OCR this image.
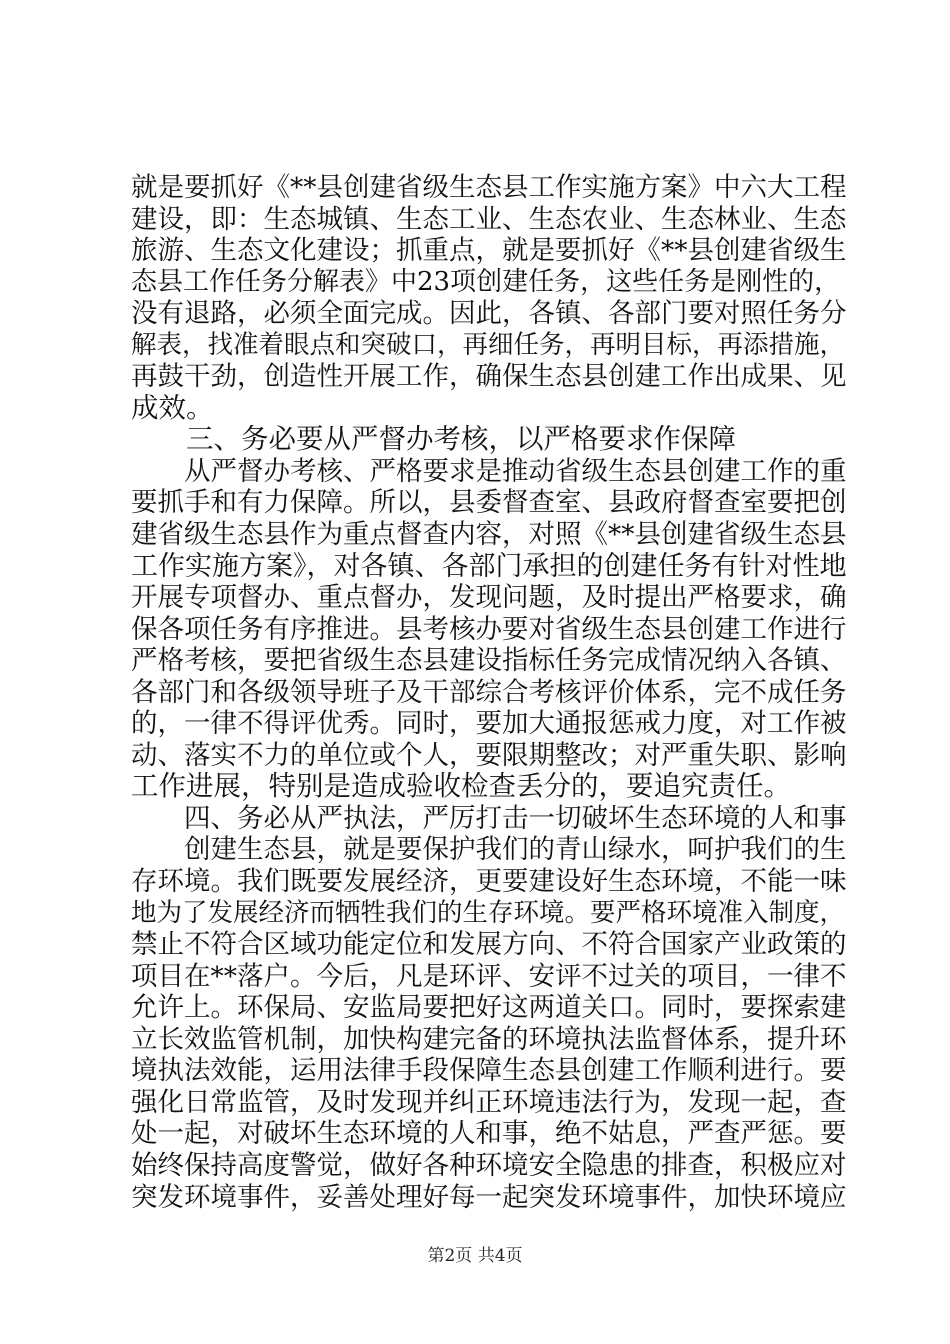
就是要抓好《**县创建省级生态县工作实施方案》中六大工程
建设，即：生态城镇、生态工业、生态农业、生态林业、生态
旅游、生态文化建设；抓重点，就是要抓好《**县创建省级生
态县工作任务分解表》中23项创建任务，这些任务是刚性的，
没有退路，必须全面完成。因此，各镇、各部门要对照任务分
解表，找准着眼点和突破口，再细任务，再明目标，再添措施，
再鼓干劲，创造性开展工作，确保生态县创建工作出成果、见
成效。
　　三、务必要从严督办考核，以严格要求作保障
　　从严督办考核、严格要求是推动省级生态县创建工作的重
要抓手和有力保障。所以，县委督查室、县政府督查室要把创
建省级生态县作为重点督查内容，对照《**县创建省级生态县
工作实施方案》，对各镇、各部门承担的创建任务有针对性地
开展专项督办、重点督办，发现问题，及时提出严格要求，确
保各项任务有序推进。县考核办要对省级生态县创建工作进行
严格考核，要把省级生态县建设指标任务完成情况纳入各镇、
各部门和各级领导班子及干部综合考核评价体系，完不成任务
的，一律不得评优秀。同时，要加大通报惩戒力度，对工作被
动、落实不力的单位或个人，要限期整改；对严重失职、影响
工作进展，特别是造成验收检查丢分的，要追究责任。
　　四、务必从严执法，严厉打击一切破坏生态环境的人和事
　　创建生态县，就是要保护我们的青山绿水，呵护我们的生
存环境。我们既要发展经济，更要建设好生态环境，不能一味
地为了发展经济而牺牲我们的生存环境。要严格环境准入制度，
禁止不符合区域功能定位和发展方向、不符合国家产业政策的
项目在**落户。今后，凡是环评、安评不过关的项目，一律不
允许上。环保局、安监局要把好这两道关口。同时，要探索建
立长效监管机制，加快构建完备的环境执法监督体系，提升环
境执法效能，运用法律手段保障生态县创建工作顺利进行。要
强化日常监管，及时发现并纠正环境违法行为，发现一起，查
处一起，对破坏生态环境的人和事，绝不姑息，严查严惩。要
始终保持高度警觉，做好各种环境安全隐患的排查，积极应对
突发环境事件，妥善处理好每一起突发环境事件，加快环境应
第2页 共4页
